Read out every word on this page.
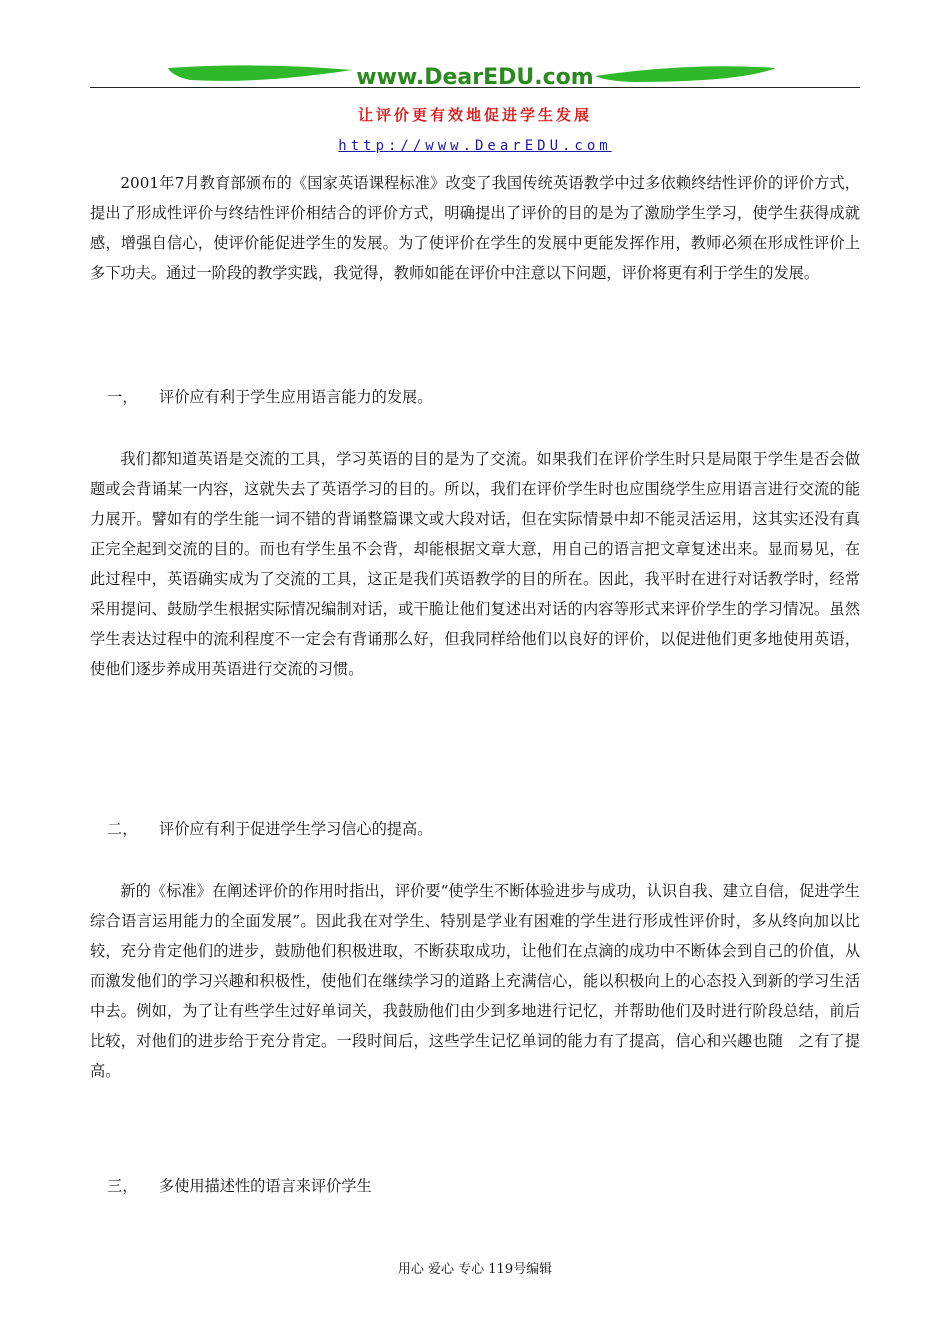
www.DearEDU.com
让评价更有效地促进学生发展
http://www.DearEDU.com

2001年7月教育部颁布的《国家英语课程标准》改变了我国传统英语教学中过多依赖终结性评价的评价方式，提出了形成性评价与终结性评价相结合的评价方式，明确提出了评价的目的是为了激励学生学习，使学生获得成就感，增强自信心，使评价能促进学生的发展。为了使评价在学生的发展中更能发挥作用，教师必须在形成性评价上多下功夫。通过一阶段的教学实践，我觉得，教师如能在评价中注意以下问题，评价将更有利于学生的发展。

一， 评价应有利于学生应用语言能力的发展。

我们都知道英语是交流的工具，学习英语的目的是为了交流。如果我们在评价学生时只是局限于学生是否会做题或会背诵某一内容，这就失去了英语学习的目的。所以，我们在评价学生时也应围绕学生应用语言进行交流的能力展开。譬如有的学生能一词不错的背诵整篇课文或大段对话，但在实际情景中却不能灵活运用，这其实还没有真正完全起到交流的目的。而也有学生虽不会背，却能根据文章大意，用自己的语言把文章复述出来。显而易见，在此过程中，英语确实成为了交流的工具，这正是我们英语教学的目的所在。因此，我平时在进行对话教学时，经常采用提问、鼓励学生根据实际情况编制对话，或干脆让他们复述出对话的内容等形式来评价学生的学习情况。虽然学生表达过程中的流利程度不一定会有背诵那么好，但我同样给他们以良好的评价，以促进他们更多地使用英语，使他们逐步养成用英语进行交流的习惯。

二， 评价应有利于促进学生学习信心的提高。

新的《标准》在阐述评价的作用时指出，评价要“使学生不断体验进步与成功，认识自我、建立自信，促进学生综合语言运用能力的全面发展”。因此我在对学生、特别是学业有困难的学生进行形成性评价时，多从终向加以比较，充分肯定他们的进步，鼓励他们积极进取，不断获取成功，让他们在点滴的成功中不断体会到自己的价值，从而激发他们的学习兴趣和积极性，使他们在继续学习的道路上充满信心，能以积极向上的心态投入到新的学习生活中去。例如，为了让有些学生过好单词关，我鼓励他们由少到多地进行记忆，并帮助他们及时进行阶段总结，前后比较，对他们的进步给于充分肯定。一段时间后，这些学生记忆单词的能力有了提高，信心和兴趣也随　之有了提高。

三， 多使用描述性的语言来评价学生
用心 爱心 专心 119号编辑
